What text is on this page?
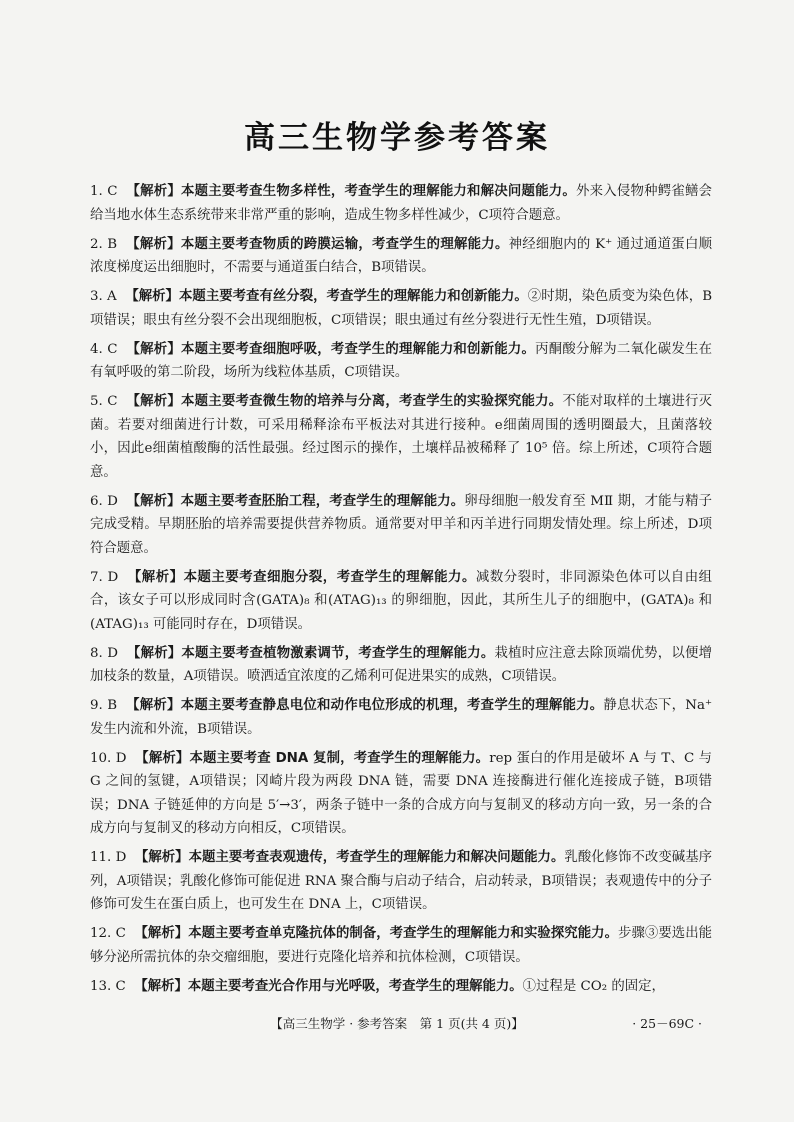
高三生物学参考答案
1. C 【解析】本题主要考查生物多样性，考查学生的理解能力和解决问题能力。外来入侵物种鳄雀鳝会给当地水体生态系统带来非常严重的影响，造成生物多样性减少，C项符合题意。
2. B 【解析】本题主要考查物质的跨膜运输，考查学生的理解能力。神经细胞内的 K⁺ 通过通道蛋白顺浓度梯度运出细胞时，不需要与通道蛋白结合，B项错误。
3. A 【解析】本题主要考查有丝分裂，考查学生的理解能力和创新能力。②时期，染色质变为染色体，B项错误；眼虫有丝分裂不会出现细胞板，C项错误；眼虫通过有丝分裂进行无性生殖，D项错误。
4. C 【解析】本题主要考查细胞呼吸，考查学生的理解能力和创新能力。丙酮酸分解为二氧化碳发生在有氧呼吸的第二阶段，场所为线粒体基质，C项错误。
5. C 【解析】本题主要考查微生物的培养与分离，考查学生的实验探究能力。不能对取样的土壤进行灭菌。若要对细菌进行计数，可采用稀释涂布平板法对其进行接种。e细菌周围的透明圈最大，且菌落较小，因此e细菌植酸酶的活性最强。经过图示的操作，土壤样品被稀释了 10⁵ 倍。综上所述，C项符合题意。
6. D 【解析】本题主要考查胚胎工程，考查学生的理解能力。卵母细胞一般发育至 MⅡ 期，才能与精子完成受精。早期胚胎的培养需要提供营养物质。通常要对甲羊和丙羊进行同期发情处理。综上所述，D项符合题意。
7. D 【解析】本题主要考查细胞分裂，考查学生的理解能力。减数分裂时，非同源染色体可以自由组合，该女子可以形成同时含(GATA)₈ 和(ATAG)₁₃ 的卵细胞，因此，其所生儿子的细胞中，(GATA)₈ 和(ATAG)₁₃ 可能同时存在，D项错误。
8. D 【解析】本题主要考查植物激素调节，考查学生的理解能力。栽植时应注意去除顶端优势，以便增加枝条的数量，A项错误。喷洒适宜浓度的乙烯利可促进果实的成熟，C项错误。
9. B 【解析】本题主要考查静息电位和动作电位形成的机理，考查学生的理解能力。静息状态下，Na⁺ 发生内流和外流，B项错误。
10. D 【解析】本题主要考查 DNA 复制，考查学生的理解能力。rep 蛋白的作用是破坏 A 与 T、C 与 G 之间的氢键，A项错误；冈崎片段为两段 DNA 链，需要 DNA 连接酶进行催化连接成子链，B项错误；DNA 子链延伸的方向是 5′→3′，两条子链中一条的合成方向与复制叉的移动方向一致，另一条的合成方向与复制叉的移动方向相反，C项错误。
11. D 【解析】本题主要考查表观遗传，考查学生的理解能力和解决问题能力。乳酸化修饰不改变碱基序列，A项错误；乳酸化修饰可能促进 RNA 聚合酶与启动子结合，启动转录，B项错误；表观遗传中的分子修饰可发生在蛋白质上，也可发生在 DNA 上，C项错误。
12. C 【解析】本题主要考查单克隆抗体的制备，考查学生的理解能力和实验探究能力。步骤③要选出能够分泌所需抗体的杂交瘤细胞，要进行克隆化培养和抗体检测，C项错误。
13. C 【解析】本题主要考查光合作用与光呼吸，考查学生的理解能力。①过程是 CO₂ 的固定，
【高三生物学 · 参考答案　第 1 页(共 4 页)】	· 25－69C ·
